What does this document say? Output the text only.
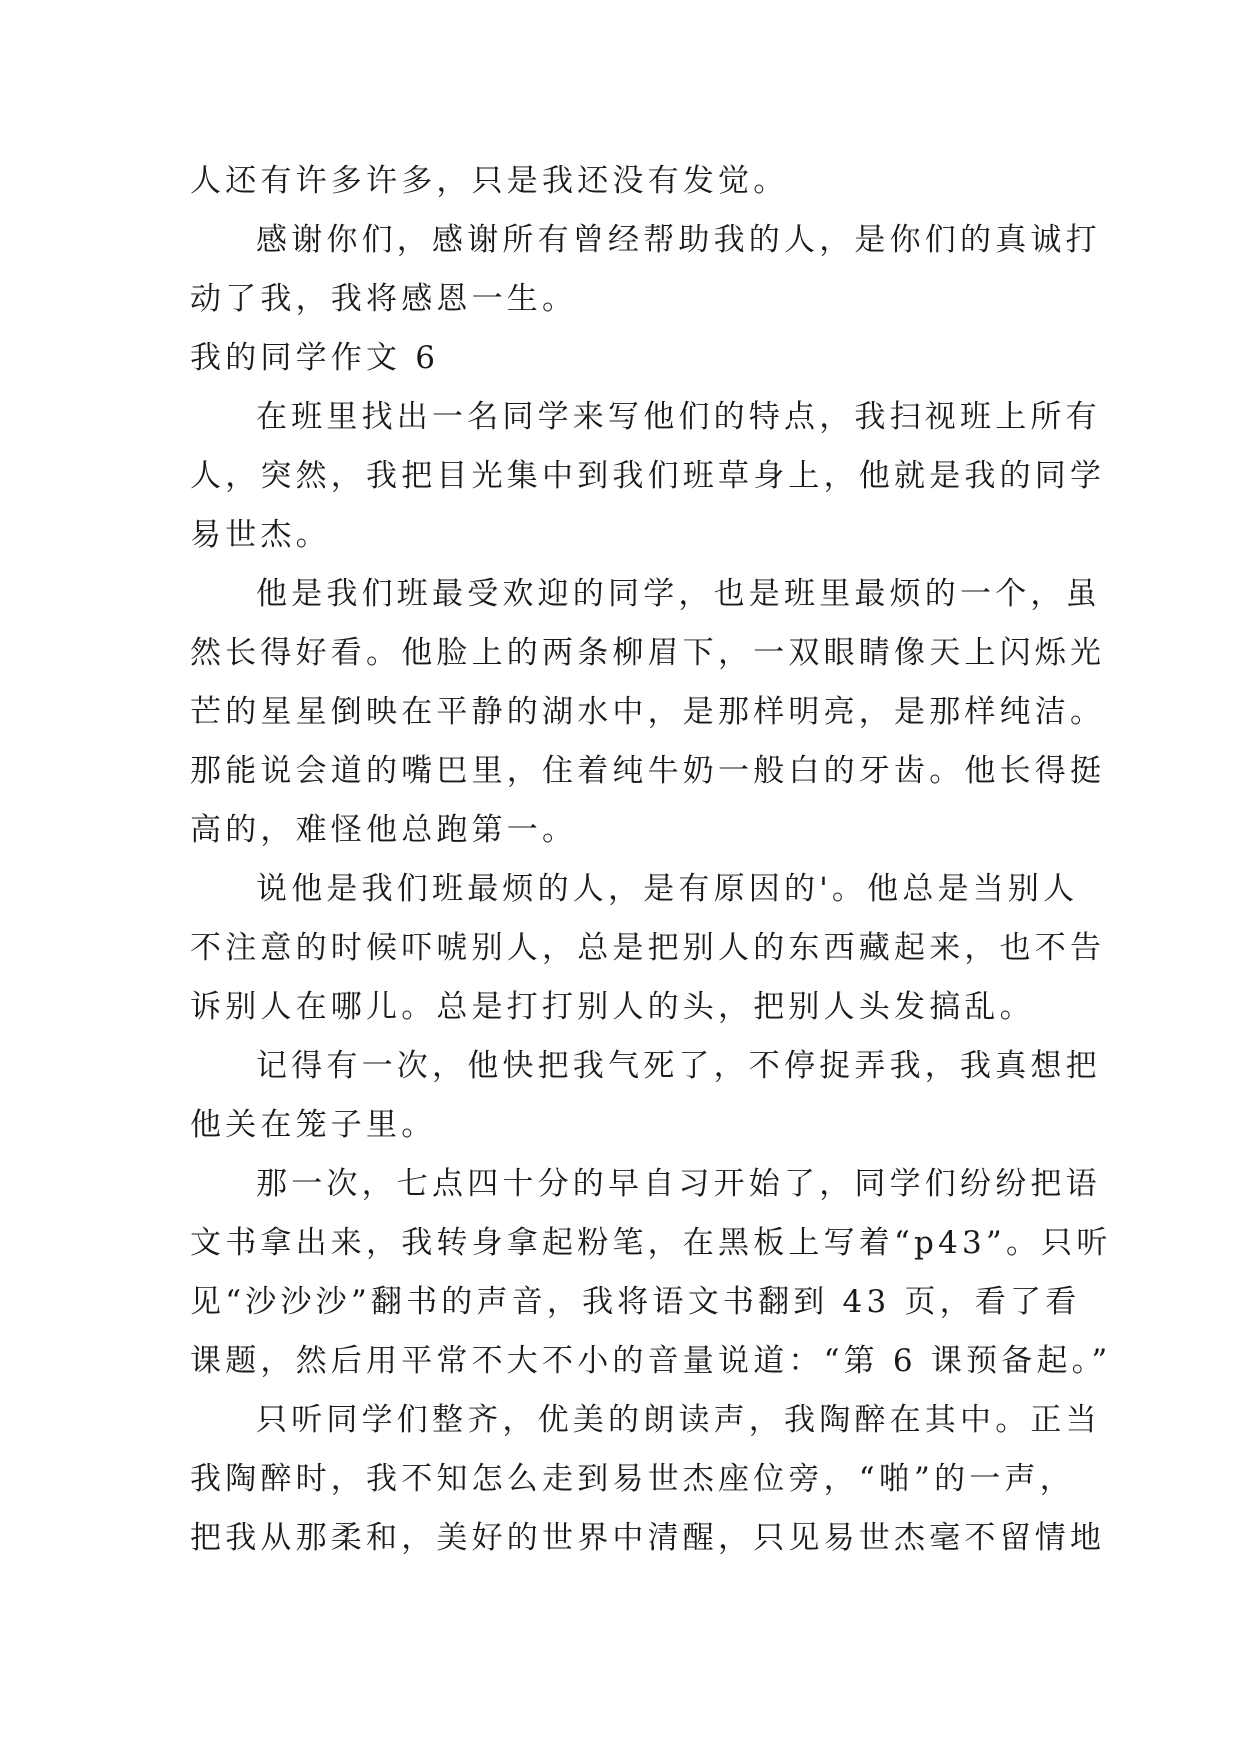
人还有许多许多，只是我还没有发觉。
感谢你们，感谢所有曾经帮助我的人，是你们的真诚打
动了我，我将感恩一生。
我的同学作文 6
在班里找出一名同学来写他们的特点，我扫视班上所有
人，突然，我把目光集中到我们班草身上，他就是我的同学
易世杰。
他是我们班最受欢迎的同学，也是班里最烦的一个，虽
然长得好看。他脸上的两条柳眉下，一双眼睛像天上闪烁光
芒的星星倒映在平静的湖水中，是那样明亮，是那样纯洁。
那能说会道的嘴巴里，住着纯牛奶一般白的牙齿。他长得挺
高的，难怪他总跑第一。
说他是我们班最烦的人，是有原因的'。他总是当别人
不注意的时候吓唬别人，总是把别人的东西藏起来，也不告
诉别人在哪儿。总是打打别人的头，把别人头发搞乱。
记得有一次，他快把我气死了，不停捉弄我，我真想把
他关在笼子里。
那一次，七点四十分的早自习开始了，同学们纷纷把语
文书拿出来，我转身拿起粉笔，在黑板上写着“p43”。只听
见“沙沙沙”翻书的声音，我将语文书翻到 43 页，看了看
课题，然后用平常不大不小的音量说道：“第 6 课预备起。”
只听同学们整齐，优美的朗读声，我陶醉在其中。正当
我陶醉时，我不知怎么走到易世杰座位旁，“啪”的一声，
把我从那柔和，美好的世界中清醒，只见易世杰毫不留情地
